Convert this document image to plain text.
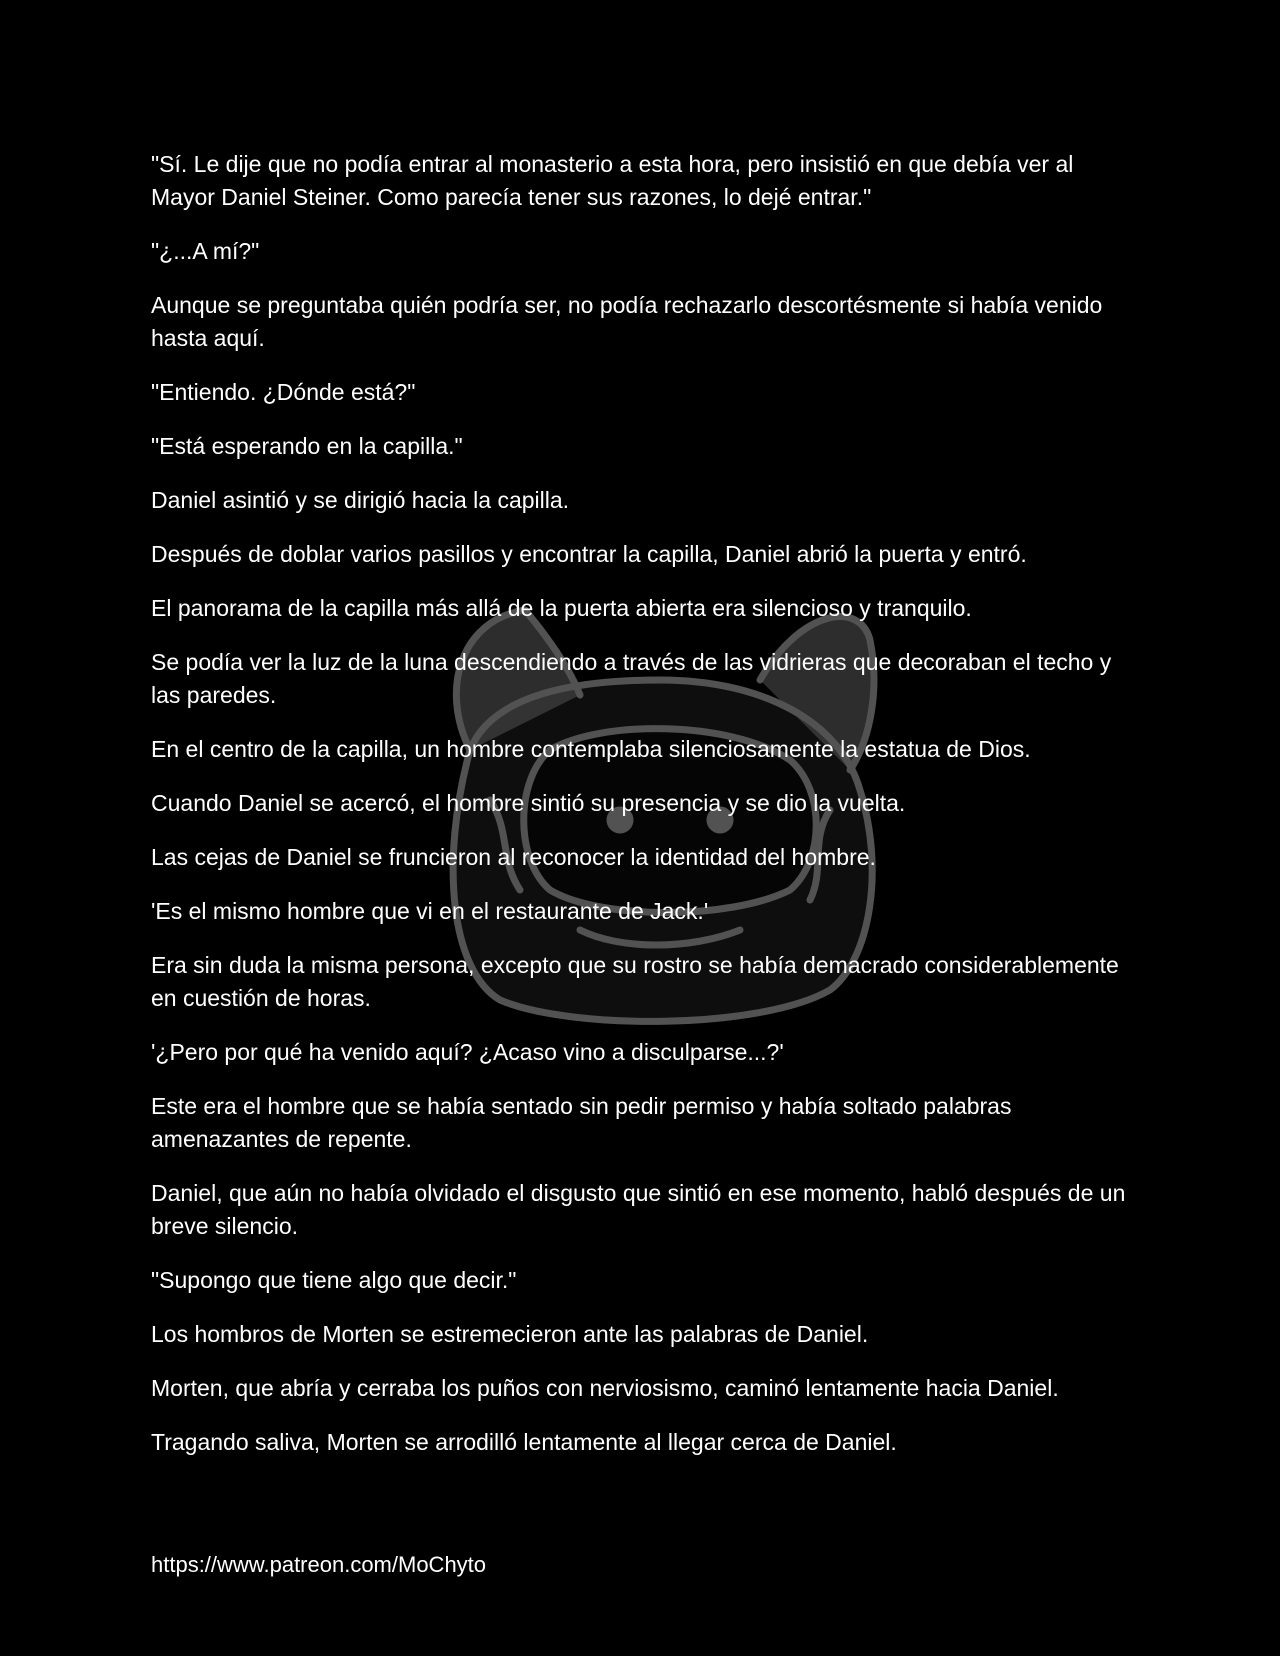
"Sí. Le dije que no podía entrar al monasterio a esta hora, pero insistió en que debía ver al Mayor Daniel Steiner. Como parecía tener sus razones, lo dejé entrar."

"¿...A mí?"

Aunque se preguntaba quién podría ser, no podía rechazarlo descortésmente si había venido hasta aquí.

"Entiendo. ¿Dónde está?"

"Está esperando en la capilla."

Daniel asintió y se dirigió hacia la capilla.

Después de doblar varios pasillos y encontrar la capilla, Daniel abrió la puerta y entró.

El panorama de la capilla más allá de la puerta abierta era silencioso y tranquilo.

Se podía ver la luz de la luna descendiendo a través de las vidrieras que decoraban el techo y las paredes.

En el centro de la capilla, un hombre contemplaba silenciosamente la estatua de Dios.

Cuando Daniel se acercó, el hombre sintió su presencia y se dio la vuelta.

Las cejas de Daniel se fruncieron al reconocer la identidad del hombre.

'Es el mismo hombre que vi en el restaurante de Jack.'

Era sin duda la misma persona, excepto que su rostro se había demacrado considerablemente en cuestión de horas.

'¿Pero por qué ha venido aquí? ¿Acaso vino a disculparse...?'

Este era el hombre que se había sentado sin pedir permiso y había soltado palabras amenazantes de repente.

Daniel, que aún no había olvidado el disgusto que sintió en ese momento, habló después de un breve silencio.

"Supongo que tiene algo que decir."

Los hombros de Morten se estremecieron ante las palabras de Daniel.

Morten, que abría y cerraba los puños con nerviosismo, caminó lentamente hacia Daniel.

Tragando saliva, Morten se arrodilló lentamente al llegar cerca de Daniel.

https://www.patreon.com/MoChyto
